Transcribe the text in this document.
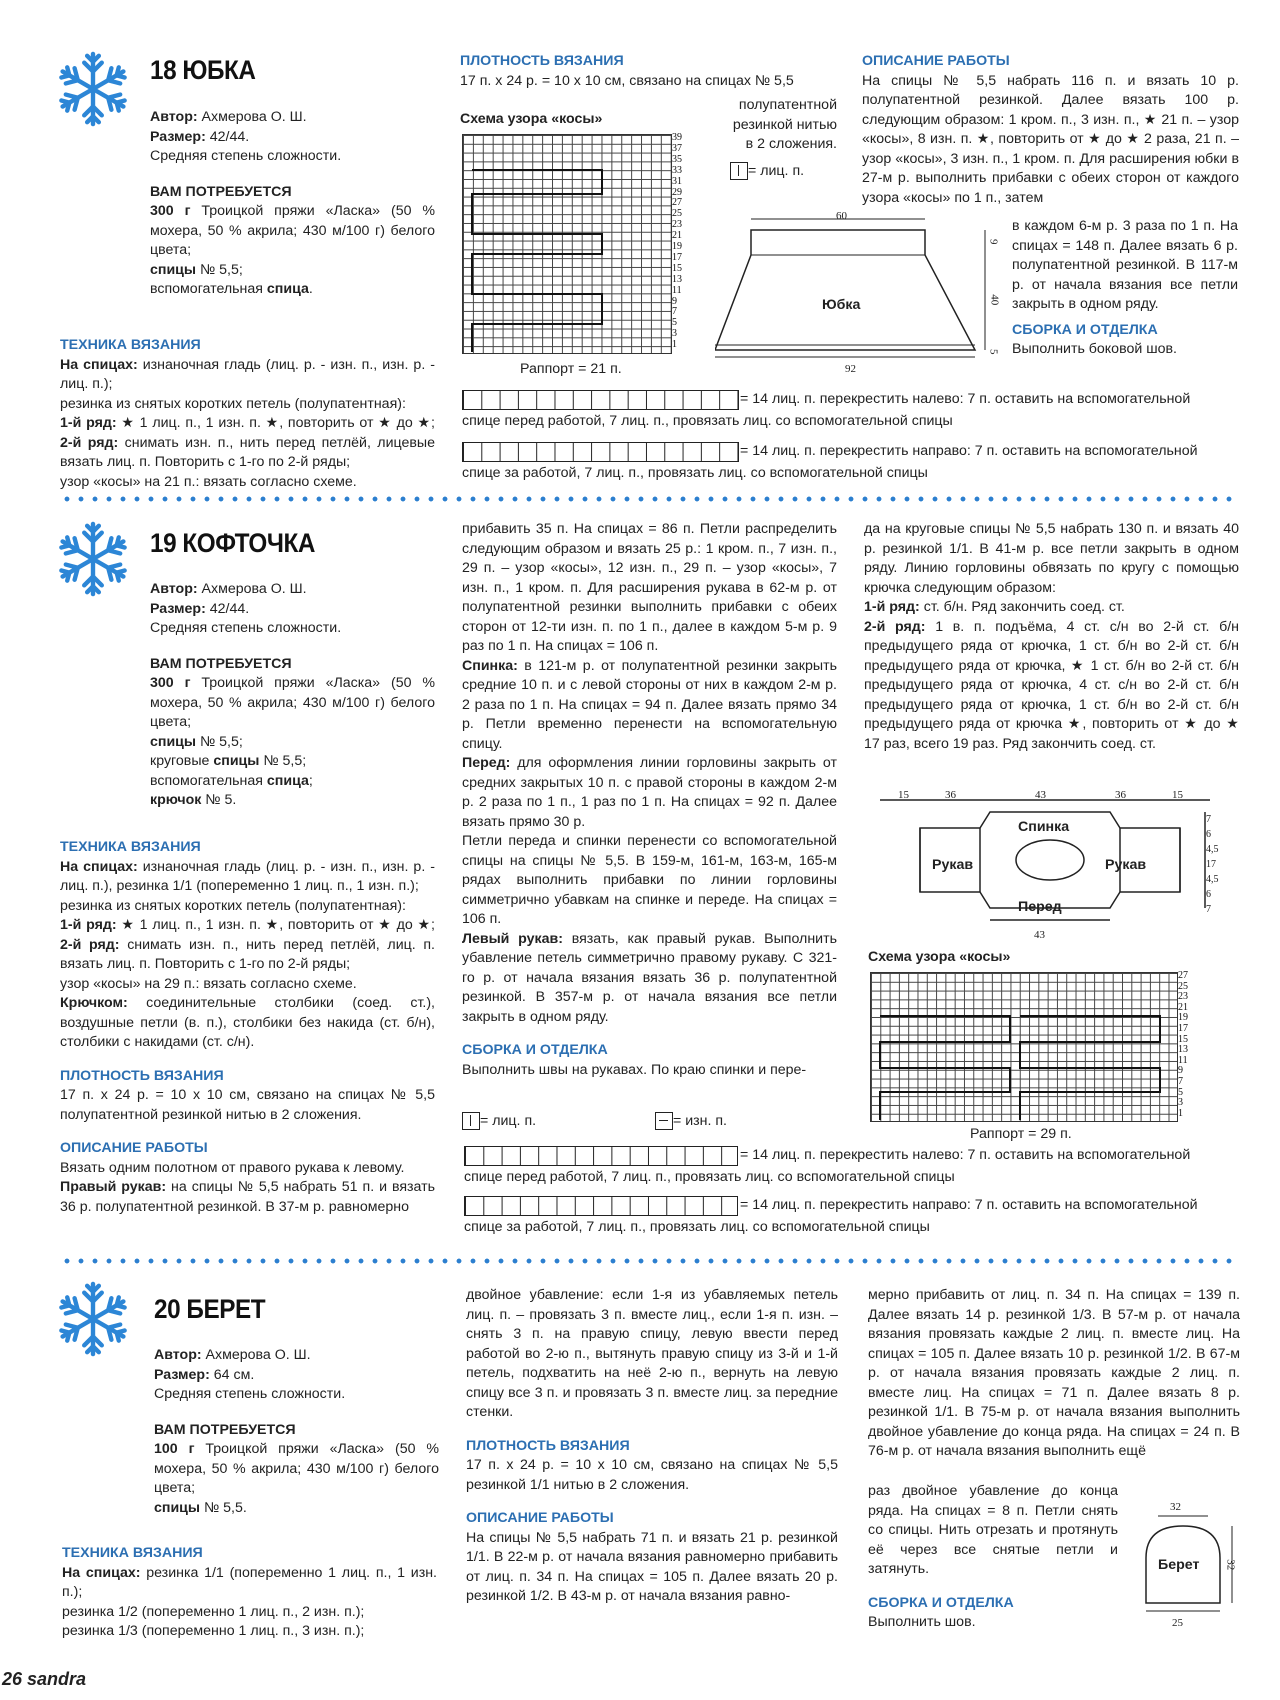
18 ЮБКА
Автор: Ахмерова О. Ш.
Размер: 42/44.
Средняя степень сложности.
ВАМ ПОТРЕБУЕТСЯ
300 г Троицкой пряжи «Ласка» (50 % мохера, 50 % акрила; 430 м/100 г) белого цвета;
спицы № 5,5;
вспомогательная спица.
ТЕХНИКА ВЯЗАНИЯ
На спицах: изнаночная гладь (лиц. р. - изн. п., изн. р. - лиц. п.);
резинка из снятых коротких петель (полупатентная):
1-й ряд: ★ 1 лиц. п., 1 изн. п. ★, повторить от ★ до ★; 2-й ряд: снимать изн. п., нить перед петлёй, лицевые вязать лиц. п. Повторить с 1-го по 2-й ряды;
узор «косы» на 21 п.: вязать согласно схеме.
ПЛОТНОСТЬ ВЯЗАНИЯ
17 п. x 24 р. = 10 x 10 см, связано на спицах № 5,5
полупатентной резинкой нитью в 2 сложения.
Схема узора «косы»
39
37
35
33
31
29
27
25
23
21
19
17
15
13
11
9
7
5
3
1
Раппорт = 21 п.
= лиц. п.
60
92
9
40
5
Юбка
ОПИСАНИЕ РАБОТЫ
На спицы № 5,5 набрать 116 п. и вязать 10 р. полупатентной резинкой. Далее вязать 100 р. следующим образом: 1 кром. п., 3 изн. п., ★ 21 п. – узор «косы», 8 изн. п. ★, повторить от ★ до ★ 2 раза, 21 п. – узор «косы», 3 изн. п., 1 кром. п. Для расширения юбки в 27-м р. выполнить прибавки с обеих сторон от каждого узора «косы» по 1 п., затем
в каждом 6-м р. 3 раза по 1 п. На спицах = 148 п. Далее вязать 6 р. полупатентной резинкой. В 117-м р. от начала вязания все петли закрыть в одном ряду.
СБОРКА И ОТДЕЛКА
Выполнить боковой шов.
= 14 лиц. п. перекрестить налево: 7 п. оставить на вспомогательной
спице перед работой, 7 лиц. п., провязать лиц. со вспомогательной спицы
= 14 лиц. п. перекрестить направо: 7 п. оставить на вспомогательной
спице за работой, 7 лиц. п., провязать лиц. со вспомогательной спицы
19 КОФТОЧКА
Автор: Ахмерова О. Ш.
Размер: 42/44.
Средняя степень сложности.
ВАМ ПОТРЕБУЕТСЯ
300 г Троицкой пряжи «Ласка» (50 % мохера, 50 % акрила; 430 м/100 г) белого цвета;
спицы № 5,5;
круговые спицы № 5,5;
вспомогательная спица;
крючок № 5.
ТЕХНИКА ВЯЗАНИЯ
На спицах: изнаночная гладь (лиц. р. - изн. п., изн. р. - лиц. п.), резинка 1/1 (попеременно 1 лиц. п., 1 изн. п.);
резинка из снятых коротких петель (полупатентная):
1-й ряд: ★ 1 лиц. п., 1 изн. п. ★, повторить от ★ до ★; 2-й ряд: снимать изн. п., нить перед петлёй, лиц. п. вязать лиц. п. Повторить с 1-го по 2-й ряды;
узор «косы» на 29 п.: вязать согласно схеме.
Крючком: соединительные столбики (соед. ст.), воздушные петли (в. п.), столбики без накида (ст. б/н), столбики с накидами (ст. с/н).
ПЛОТНОСТЬ ВЯЗАНИЯ
17 п. x 24 р. = 10 x 10 см, связано на спицах № 5,5 полупатентной резинкой нитью в 2 сложения.
ОПИСАНИЕ РАБОТЫ
Вязать одним полотном от правого рукава к левому.
Правый рукав: на спицы № 5,5 набрать 51 п. и вязать 36 р. полупатентной резинкой. В 37-м р. равномерно
прибавить 35 п. На спицах = 86 п. Петли распределить следующим образом и вязать 25 р.: 1 кром. п., 7 изн. п., 29 п. – узор «косы», 12 изн. п., 29 п. – узор «косы», 7 изн. п., 1 кром. п. Для расширения рукава в 62-м р. от полупатентной резинки выполнить прибавки с обеих сторон от 12-ти изн. п. по 1 п., далее в каждом 5-м р. 9 раз по 1 п. На спицах = 106 п.
Спинка: в 121-м р. от полупатентной резинки закрыть средние 10 п. и с левой стороны от них в каждом 2-м р. 2 раза по 1 п. На спицах = 94 п. Далее вязать прямо 34 р. Петли временно перенести на вспомогательную спицу.
Перед: для оформления линии горловины закрыть от средних закрытых 10 п. с правой стороны в каждом 2-м р. 2 раза по 1 п., 1 раз по 1 п. На спицах = 92 п. Далее вязать прямо 30 р.
Петли переда и спинки перенести со вспомогательной спицы на спицы № 5,5. В 159-м, 161-м, 163-м, 165-м рядах выполнить прибавки по линии горловины симметрично убавкам на спинке и переде. На спицах = 106 п.
Левый рукав: вязать, как правый рукав. Выполнить убавление петель симметрично правому рукаву. С 321-го р. от начала вязания вязать 36 р. полупатентной резинкой. В 357-м р. от начала вязания все петли закрыть в одном ряду.
СБОРКА И ОТДЕЛКА
Выполнить швы на рукавах. По краю спинки и пере-
да на круговые спицы № 5,5 набрать 130 п. и вязать 40 р. резинкой 1/1. В 41-м р. все петли закрыть в одном ряду. Линию горловины обвязать по кругу с помощью крючка следующим образом:
1-й ряд: ст. б/н. Ряд закончить соед. ст.
2-й ряд: 1 в. п. подъёма, 4 ст. с/н во 2-й ст. б/н предыдущего ряда от крючка, 1 ст. б/н во 2-й ст. б/н предыдущего ряда от крючка, ★ 1 ст. б/н во 2-й ст. б/н предыдущего ряда от крючка, 4 ст. с/н во 2-й ст. б/н предыдущего ряда от крючка, 1 ст. б/н во 2-й ст. б/н предыдущего ряда от крючка ★, повторить от ★ до ★ 17 раз, всего 19 раз. Ряд закончить соед. ст.
15	36	43	36	15
Спинка
Перед
Рукав	Рукав
43
7
6
4,5
17
4,5
6
7
Схема узора «косы»
27
25
23
21
19
17
15
13
11
9
7
5
3
1
Раппорт = 29 п.
= лиц. п.	= изн. п.
= 14 лиц. п. перекрестить налево: 7 п. оставить на вспомогательной
спице перед работой, 7 лиц. п., провязать лиц. со вспомогательной спицы
= 14 лиц. п. перекрестить направо: 7 п. оставить на вспомогательной
спице за работой, 7 лиц. п., провязать лиц. со вспомогательной спицы
20 БЕРЕТ
Автор: Ахмерова О. Ш.
Размер: 64 см.
Средняя степень сложности.
ВАМ ПОТРЕБУЕТСЯ
100 г Троицкой пряжи «Ласка» (50 % мохера, 50 % акрила; 430 м/100 г) белого цвета;
спицы № 5,5.
ТЕХНИКА ВЯЗАНИЯ
На спицах: резинка 1/1 (попеременно 1 лиц. п., 1 изн. п.);
резинка 1/2 (попеременно 1 лиц. п., 2 изн. п.);
резинка 1/3 (попеременно 1 лиц. п., 3 изн. п.);
двойное убавление: если 1-я из убавляемых петель лиц. п. – провязать 3 п. вместе лиц., если 1-я п. изн. – снять 3 п. на правую спицу, левую ввести перед работой во 2-ю п., вытянуть правую спицу из 3-й и 1-й петель, подхватить на неё 2-ю п., вернуть на левую спицу все 3 п. и провязать 3 п. вместе лиц. за передние стенки.
ПЛОТНОСТЬ ВЯЗАНИЯ
17 п. x 24 р. = 10 x 10 см, связано на спицах № 5,5 резинкой 1/1 нитью в 2 сложения.
ОПИСАНИЕ РАБОТЫ
На спицы № 5,5 набрать 71 п. и вязать 21 р. резинкой 1/1. В 22-м р. от начала вязания равномерно прибавить от лиц. п. 34 п. На спицах = 105 п. Далее вязать 20 р. резинкой 1/2. В 43-м р. от начала вязания равно-
мерно прибавить от лиц. п. 34 п. На спицах = 139 п. Далее вязать 14 р. резинкой 1/3. В 57-м р. от начала вязания провязать каждые 2 лиц. п. вместе лиц. На спицах = 105 п. Далее вязать 10 р. резинкой 1/2. В 67-м р. от начала вязания провязать каждые 2 лиц. п. вместе лиц. На спицах = 71 п. Далее вязать 8 р. резинкой 1/1. В 75-м р. от начала вязания выполнить двойное убавление до конца ряда. На спицах = 24 п. В 76-м р. от начала вязания выполнить ещё
раз двойное убавление до конца ряда. На спицах = 8 п. Петли снять со спицы. Нить отрезать и протянуть её через все снятые петли и затянуть.
СБОРКА И ОТДЕЛКА
Выполнить шов.
32
32
25
Берет
26 sandra
